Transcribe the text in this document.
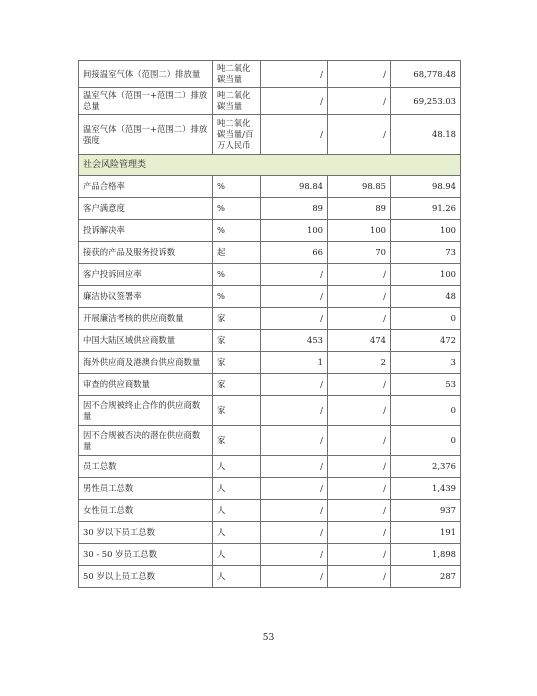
间接温室气体（范围二）排放量	吨二氧化碳当量	/	/	68,778.48
温室气体（范围一+范围二）排放总量	吨二氧化碳当量	/	/	69,253.03
温室气体（范围一+范围二）排放强度	吨二氧化碳当量/百万人民币	/	/	48.18
社会风险管理类				
产品合格率	%	98.84	98.85	98.94
客户满意度	%	89	89	91.26
投诉解决率	%	100	100	100
接获的产品及服务投诉数	起	66	70	73
客户投诉回应率	%	/	/	100
廉洁协议签署率	%	/	/	48
开展廉洁考核的供应商数量	家	/	/	0
中国大陆区域供应商数量	家	453	474	472
海外供应商及港澳台供应商数量	家	1	2	3
审查的供应商数量	家	/	/	53
因不合规被终止合作的供应商数量	家	/	/	0
因不合规被否决的潜在供应商数量	家	/	/	0
员工总数	人	/	/	2,376
男性员工总数	人	/	/	1,439
女性员工总数	人	/	/	937
30 岁以下员工总数	人	/	/	191
30 - 50 岁员工总数	人	/	/	1,898
50 岁以上员工总数	人	/	/	287
53
